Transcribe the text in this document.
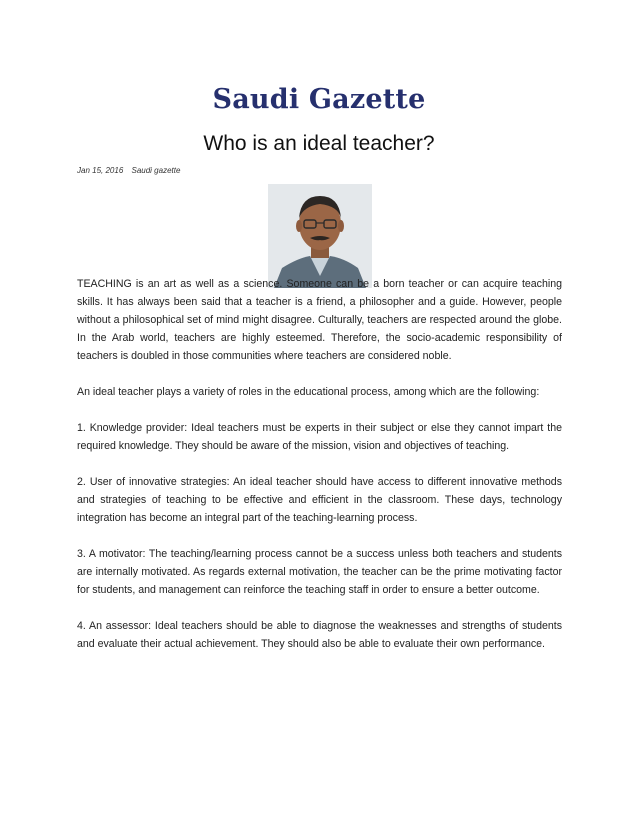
Saudi Gazette
Who is an ideal teacher?
Jan 15, 2016 Saudi gazette

TEACHING is an art as well as a science. Someone can be a born teacher or can acquire teaching skills. It has always been said that a teacher is a friend, a philosopher and a guide. However, people without a philosophical set of mind might disagree. Culturally, teachers are respected around the globe. In the Arab world, teachers are highly esteemed. Therefore, the socio-academic responsibility of teachers is doubled in those communities where teachers are considered noble.

An ideal teacher plays a variety of roles in the educational process, among which are the following:

1. Knowledge provider: Ideal teachers must be experts in their subject or else they cannot impart the required knowledge. They should be aware of the mission, vision and objectives of teaching.

2. User of innovative strategies: An ideal teacher should have access to different innovative methods and strategies of teaching to be effective and efficient in the classroom. These days, technology integration has become an integral part of the teaching-learning process.

3. A motivator: The teaching/learning process cannot be a success unless both teachers and students are internally motivated. As regards external motivation, the teacher can be the prime motivating factor for students, and management can reinforce the teaching staff in order to ensure a better outcome.

4. An assessor: Ideal teachers should be able to diagnose the weaknesses and strengths of students and evaluate their actual achievement. They should also be able to evaluate their own performance.
